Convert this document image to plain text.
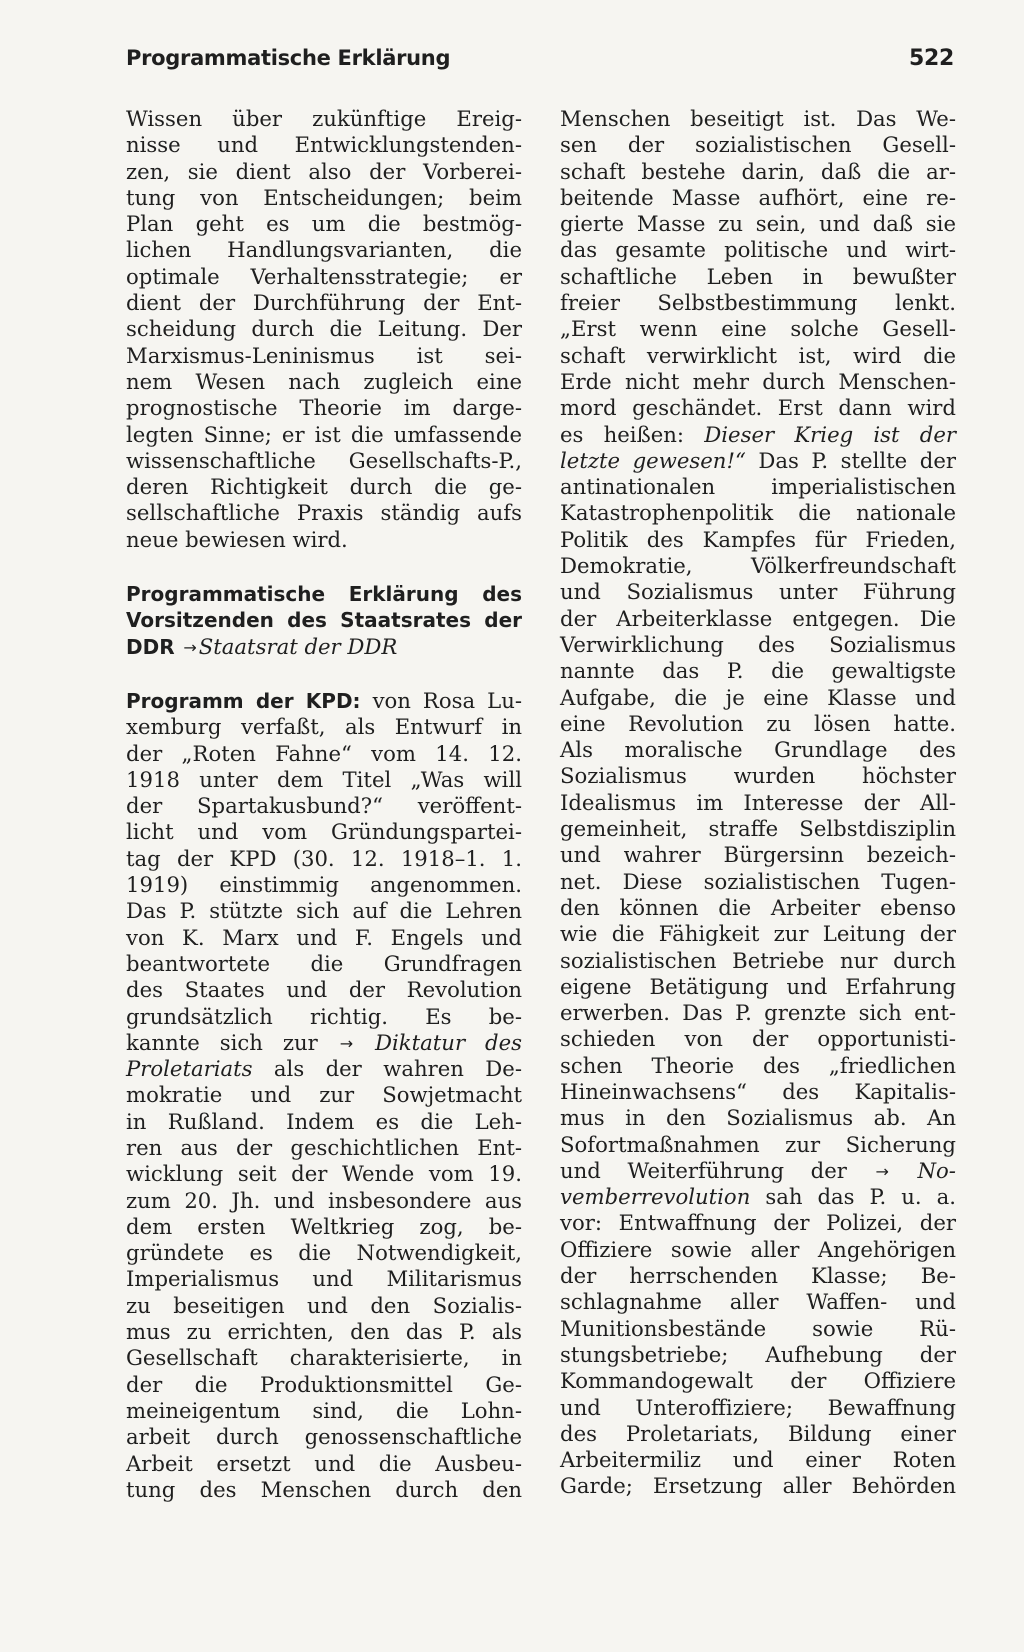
Programmatische Erklärung	522
Wissen über zukünftige Ereig-
nisse und Entwicklungstenden-
zen, sie dient also der Vorberei-
tung von Entscheidungen; beim
Plan geht es um die bestmög-
lichen Handlungsvarianten, die
optimale Verhaltensstrategie; er
dient der Durchführung der Ent-
scheidung durch die Leitung. Der
Marxismus-Leninismus ist sei-
nem Wesen nach zugleich eine
prognostische Theorie im darge-
legten Sinne; er ist die umfassende
wissenschaftliche Gesellschafts-P.,
deren Richtigkeit durch die ge-
sellschaftliche Praxis ständig aufs
neue bewiesen wird.
Programmatische Erklärung des
Vorsitzenden des Staatsrates der
DDR →Staatsrat der DDR
Programm der KPD: von Rosa Lu-
xemburg verfaßt, als Entwurf in
der „Roten Fahne“ vom 14. 12.
1918 unter dem Titel „Was will
der Spartakusbund?“ veröffent-
licht und vom Gründungspartei-
tag der KPD (30. 12. 1918–1. 1.
1919) einstimmig angenommen.
Das P. stützte sich auf die Lehren
von K. Marx und F. Engels und
beantwortete die Grundfragen
des Staates und der Revolution
grundsätzlich richtig. Es be-
kannte sich zur → Diktatur des
Proletariats als der wahren De-
mokratie und zur Sowjetmacht
in Rußland. Indem es die Leh-
ren aus der geschichtlichen Ent-
wicklung seit der Wende vom 19.
zum 20. Jh. und insbesondere aus
dem ersten Weltkrieg zog, be-
gründete es die Notwendigkeit,
Imperialismus und Militarismus
zu beseitigen und den Sozialis-
mus zu errichten, den das P. als
Gesellschaft charakterisierte, in
der die Produktionsmittel Ge-
meineigentum sind, die Lohn-
arbeit durch genossenschaftliche
Arbeit ersetzt und die Ausbeu-
tung des Menschen durch den
Menschen beseitigt ist. Das We-
sen der sozialistischen Gesell-
schaft bestehe darin, daß die ar-
beitende Masse aufhört, eine re-
gierte Masse zu sein, und daß sie
das gesamte politische und wirt-
schaftliche Leben in bewußter
freier Selbstbestimmung lenkt.
„Erst wenn eine solche Gesell-
schaft verwirklicht ist, wird die
Erde nicht mehr durch Menschen-
mord geschändet. Erst dann wird
es heißen: Dieser Krieg ist der
letzte gewesen!“ Das P. stellte der
antinationalen imperialistischen
Katastrophenpolitik die nationale
Politik des Kampfes für Frieden,
Demokratie, Völkerfreundschaft
und Sozialismus unter Führung
der Arbeiterklasse entgegen. Die
Verwirklichung des Sozialismus
nannte das P. die gewaltigste
Aufgabe, die je eine Klasse und
eine Revolution zu lösen hatte.
Als moralische Grundlage des
Sozialismus wurden höchster
Idealismus im Interesse der All-
gemeinheit, straffe Selbstdisziplin
und wahrer Bürgersinn bezeich-
net. Diese sozialistischen Tugen-
den können die Arbeiter ebenso
wie die Fähigkeit zur Leitung der
sozialistischen Betriebe nur durch
eigene Betätigung und Erfahrung
erwerben. Das P. grenzte sich ent-
schieden von der opportunisti-
schen Theorie des „friedlichen
Hineinwachsens“ des Kapitalis-
mus in den Sozialismus ab. An
Sofortmaßnahmen zur Sicherung
und Weiterführung der → No-
vemberrevolution sah das P. u. a.
vor: Entwaffnung der Polizei, der
Offiziere sowie aller Angehörigen
der herrschenden Klasse; Be-
schlagnahme aller Waffen- und
Munitionsbestände sowie Rü-
stungsbetriebe; Aufhebung der
Kommandogewalt der Offiziere
und Unteroffiziere; Bewaffnung
des Proletariats, Bildung einer
Arbeitermiliz und einer Roten
Garde; Ersetzung aller Behörden
